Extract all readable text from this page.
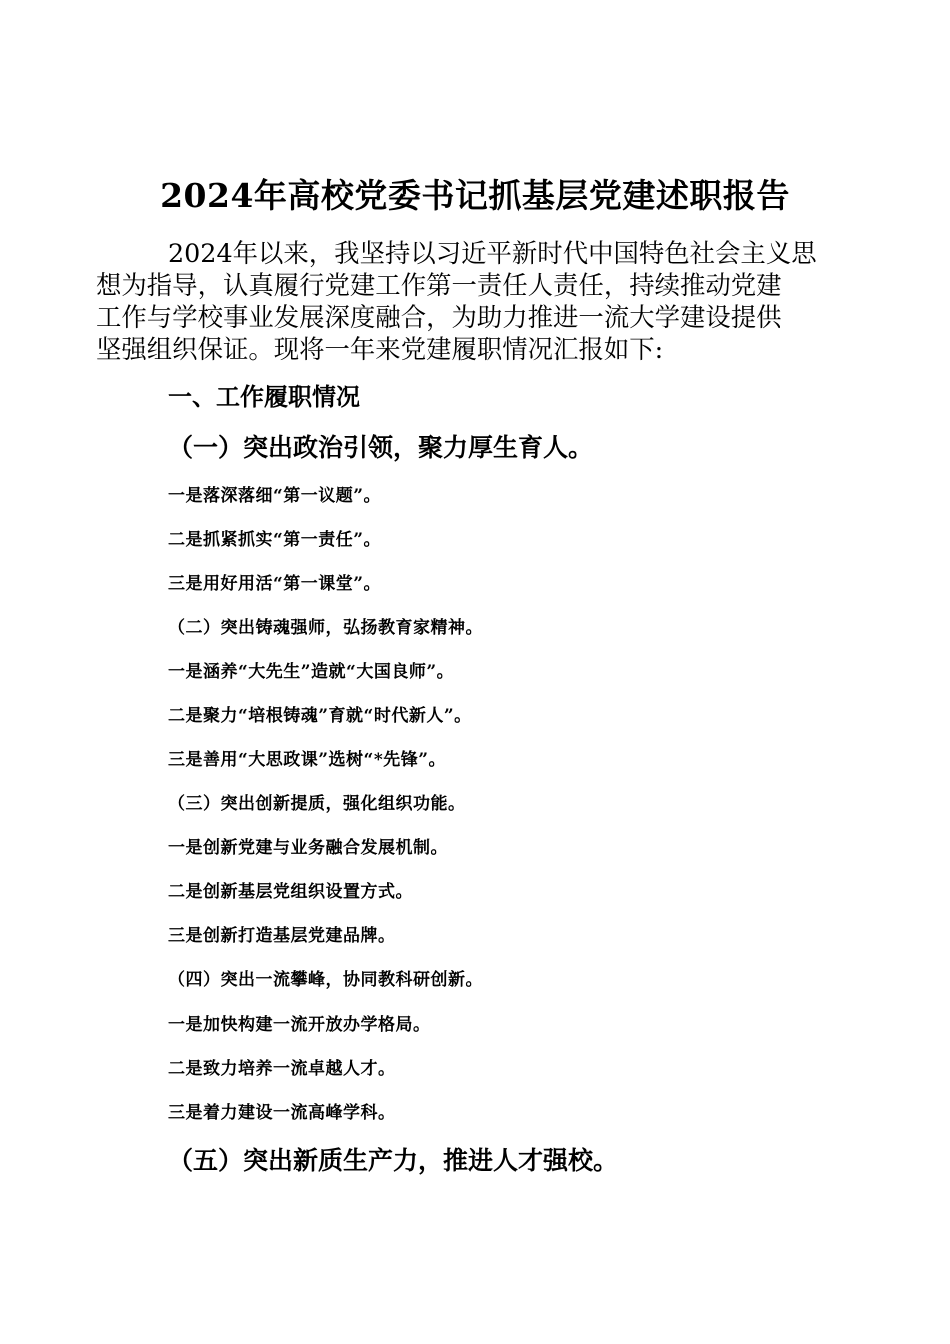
2024年高校党委书记抓基层党建述职报告
2024年以来，我坚持以习近平新时代中国特色社会主义思
想为指导，认真履行党建工作第一责任人责任，持续推动党建
工作与学校事业发展深度融合，为助力推进一流大学建设提供
坚强组织保证。现将一年来党建履职情况汇报如下:
一、工作履职情况
（一）突出政治引领，聚力厚生育人。
一是落深落细“第一议题”。
二是抓紧抓实“第一责任”。
三是用好用活“第一课堂”。
（二）突出铸魂强师，弘扬教育家精神。
一是涵养“大先生”造就“大国良师”。
二是聚力“培根铸魂”育就“时代新人”。
三是善用“大思政课”选树“*先锋”。
（三）突出创新提质，强化组织功能。
一是创新党建与业务融合发展机制。
二是创新基层党组织设置方式。
三是创新打造基层党建品牌。
（四）突出一流攀峰，协同教科研创新。
一是加快构建一流开放办学格局。
二是致力培养一流卓越人才。
三是着力建设一流高峰学科。
（五）突出新质生产力，推进人才强校。
